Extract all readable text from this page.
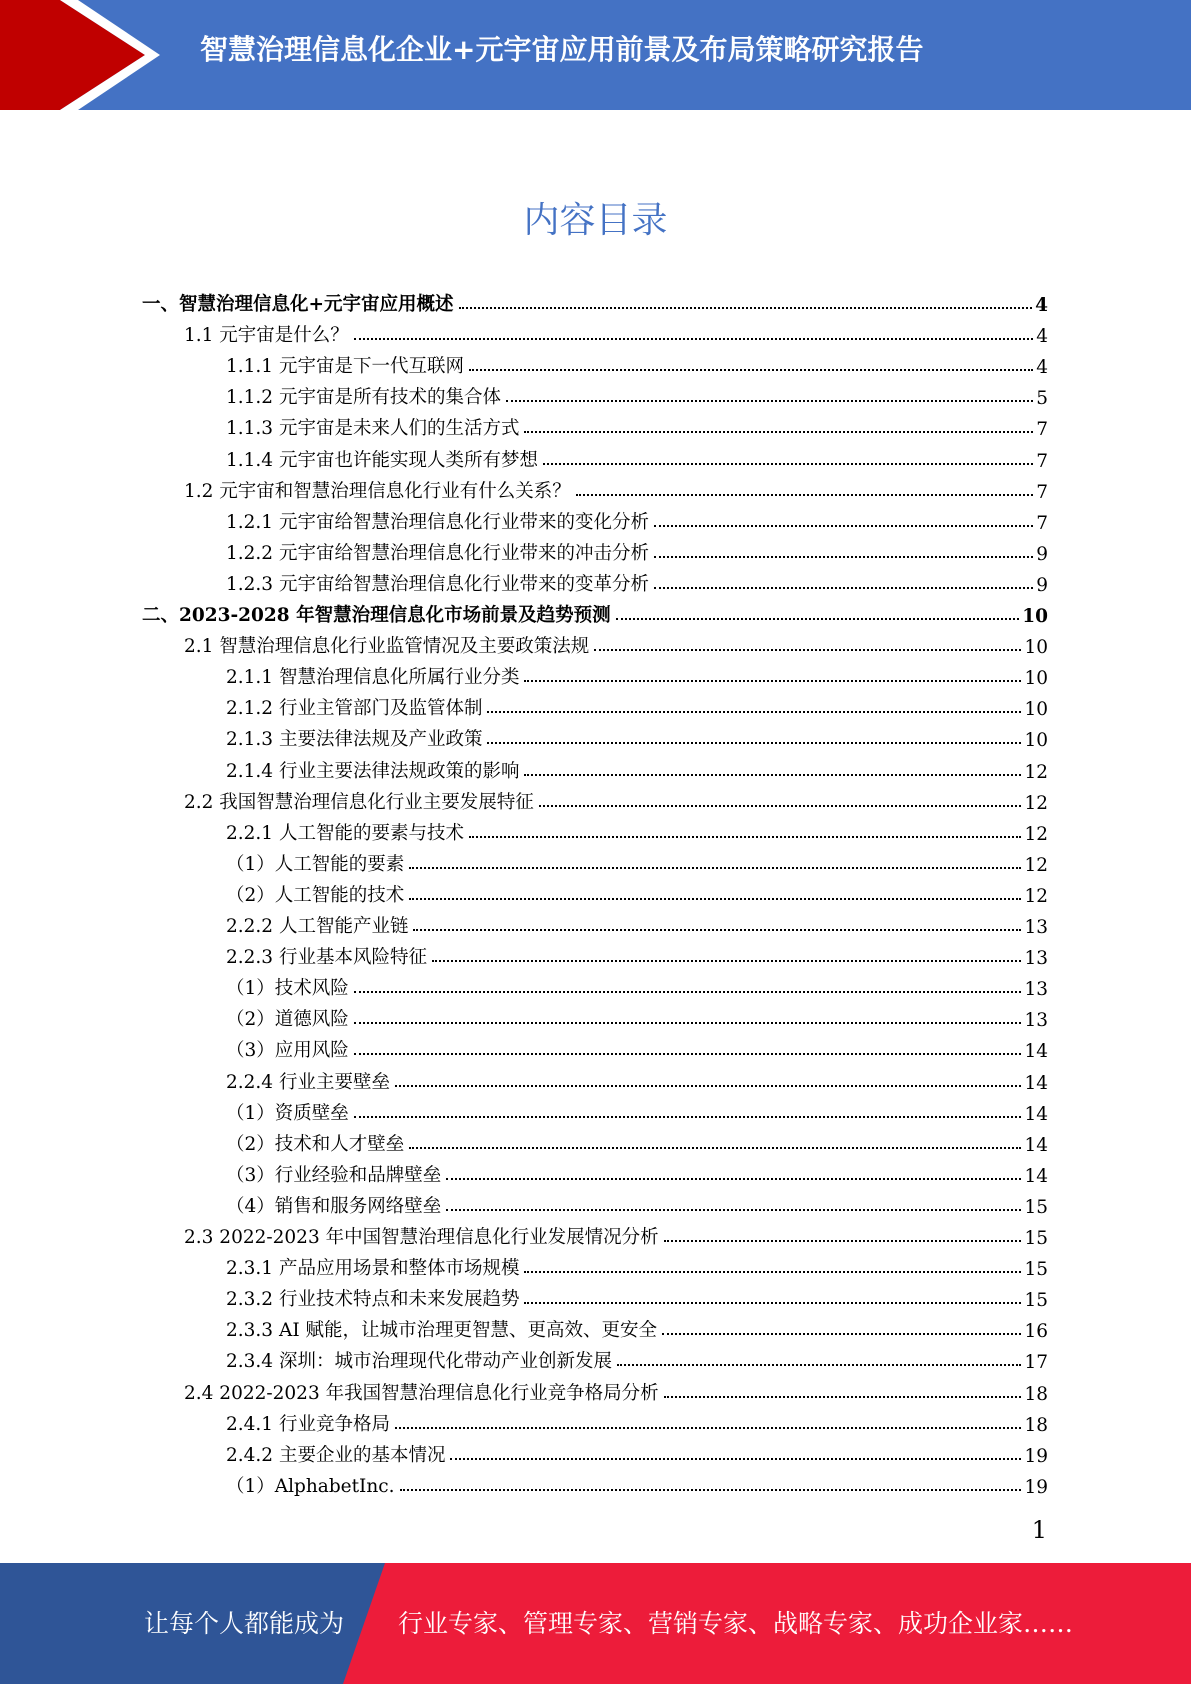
智慧治理信息化企业+元宇宙应用前景及布局策略研究报告
内容目录
一、智慧治理信息化+元宇宙应用概述	4
1.1 元宇宙是什么？	4
1.1.1 元宇宙是下一代互联网	4
1.1.2 元宇宙是所有技术的集合体	5
1.1.3 元宇宙是未来人们的生活方式	7
1.1.4 元宇宙也许能实现人类所有梦想	7
1.2 元宇宙和智慧治理信息化行业有什么关系？	7
1.2.1 元宇宙给智慧治理信息化行业带来的变化分析	7
1.2.2 元宇宙给智慧治理信息化行业带来的冲击分析	9
1.2.3 元宇宙给智慧治理信息化行业带来的变革分析	9
二、2023-2028 年智慧治理信息化市场前景及趋势预测	10
2.1 智慧治理信息化行业监管情况及主要政策法规	10
2.1.1 智慧治理信息化所属行业分类	10
2.1.2 行业主管部门及监管体制	10
2.1.3 主要法律法规及产业政策	10
2.1.4 行业主要法律法规政策的影响	12
2.2 我国智慧治理信息化行业主要发展特征	12
2.2.1 人工智能的要素与技术	12
（1）人工智能的要素	12
（2）人工智能的技术	12
2.2.2 人工智能产业链	13
2.2.3 行业基本风险特征	13
（1）技术风险	13
（2）道德风险	13
（3）应用风险	14
2.2.4 行业主要壁垒	14
（1）资质壁垒	14
（2）技术和人才壁垒	14
（3）行业经验和品牌壁垒	14
（4）销售和服务网络壁垒	15
2.3 2022-2023 年中国智慧治理信息化行业发展情况分析	15
2.3.1 产品应用场景和整体市场规模	15
2.3.2 行业技术特点和未来发展趋势	15
2.3.3 AI 赋能，让城市治理更智慧、更高效、更安全	16
2.3.4 深圳：城市治理现代化带动产业创新发展	17
2.4 2022-2023 年我国智慧治理信息化行业竞争格局分析	18
2.4.1 行业竞争格局	18
2.4.2 主要企业的基本情况	19
（1）AlphabetInc.	19
1
让每个人都能成为 行业专家、管理专家、营销专家、战略专家、成功企业家……
